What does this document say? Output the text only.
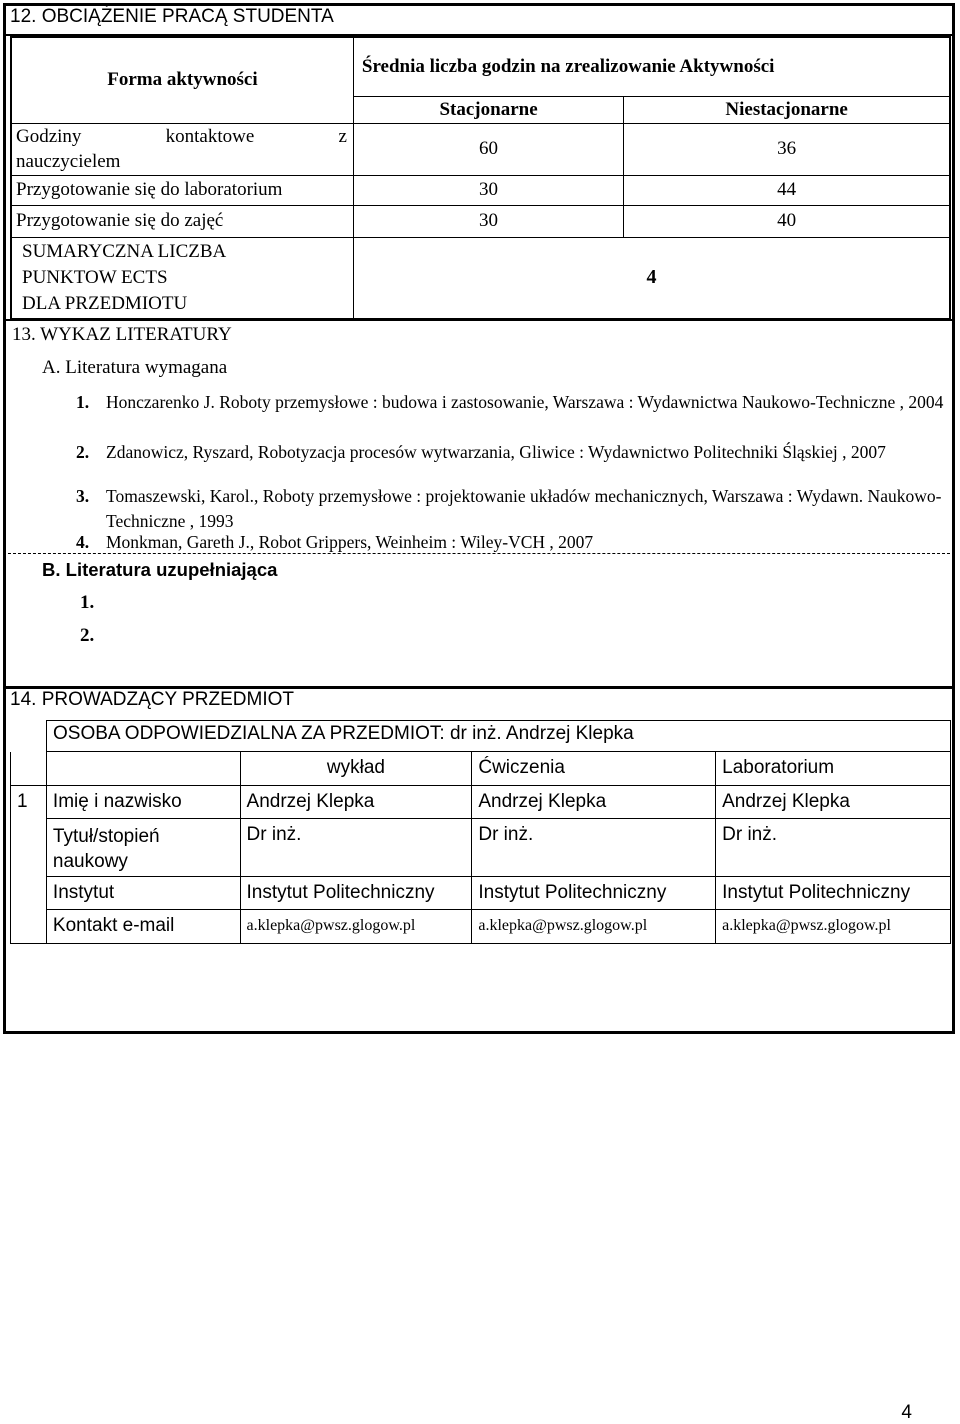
12. OBCIĄŻENIE PRACĄ STUDENTA
Forma aktywności	Średnia liczba godzin na zrealizowanie Aktywności	
	Stacjonarne	Niestacjonarne

Godziny kontaktowe z
nauczycielem	60	36
Przygotowanie się do laboratorium	30	44
Przygotowanie się do zajęć	30	40

SUMARYCZNA LICZBA
PUNKTOW ECTS
DLA PRZEDMIOTU	4	
13. WYKAZ LITERATURY
A. Literatura wymagana
1. Honczarenko J. Roboty przemysłowe : budowa i zastosowanie, Warszawa : Wydawnictwa Naukowo-Techniczne , 2004
2. Zdanowicz, Ryszard, Robotyzacja procesów wytwarzania, Gliwice : Wydawnictwo Politechniki Śląskiej , 2007
3. Tomaszewski, Karol., Roboty przemysłowe : projektowanie układów mechanicznych, Warszawa : Wydawn. Naukowo-Techniczne , 1993
4. Monkman, Gareth J., Robot Grippers, Weinheim : Wiley-VCH , 2007
B. Literatura uzupełniająca
1.
2.
14. PROWADZĄCY PRZEDMIOT
OSOBA ODPOWIEDZIALNA ZA PRZEDMIOT: dr inż. Andrzej Klepka
		wykład	Ćwiczenia	Laboratorium
1	Imię i nazwisko	Andrzej Klepka	Andrzej Klepka	Andrzej Klepka
	Tytuł/stopień naukowy	Dr inż.	Dr inż.	Dr inż.
	Instytut	Instytut Politechniczny	Instytut Politechniczny	Instytut Politechniczny
	Kontakt e-mail	a.klepka@pwsz.glogow.pl	a.klepka@pwsz.glogow.pl	a.klepka@pwsz.glogow.pl
4
